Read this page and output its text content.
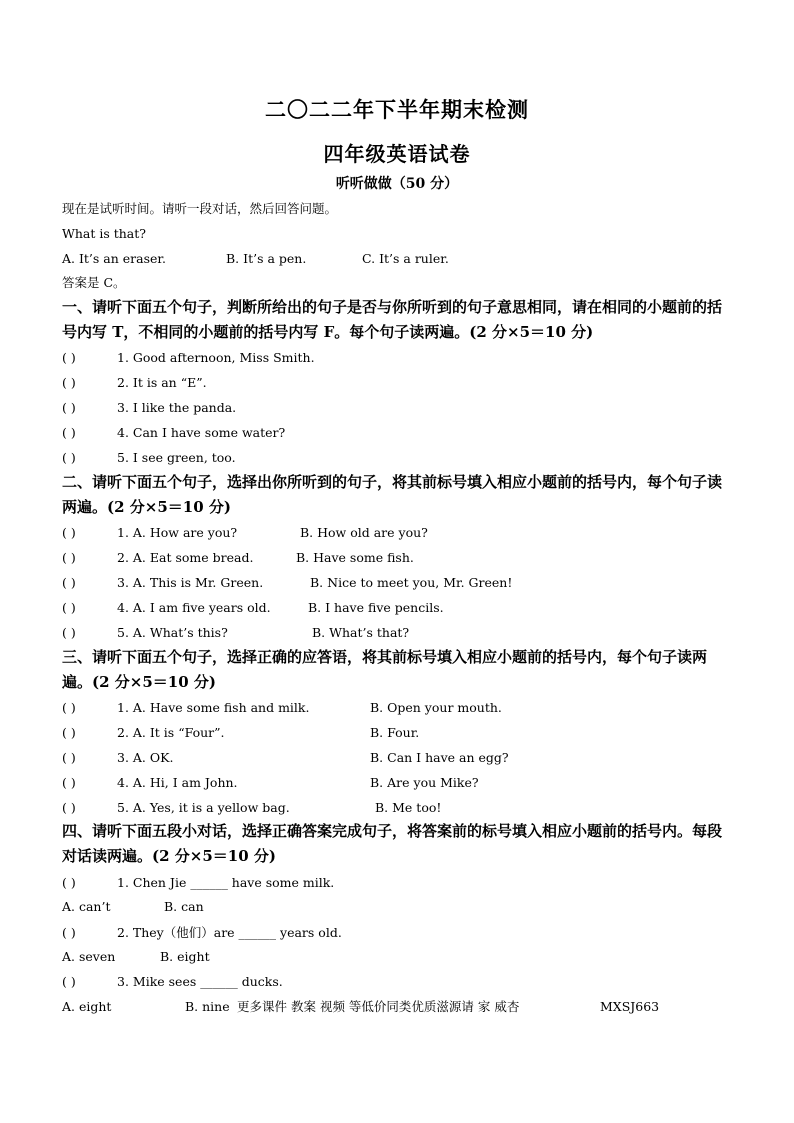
二〇二二年下半年期末检测
四年级英语试卷
听听做做（50 分）
现在是试听时间。请听一段对话，然后回答问题。
What is that?
A. It’s an eraser.	B. It’s a pen.	C. It’s a ruler.
答案是 C。
一、请听下面五个句子，判断所给出的句子是否与你所听到的句子意思相同，请在相同的小题前的括号内写 T，不相同的小题前的括号内写 F。每个句子读两遍。(2 分×5＝10 分)
( )	1. Good afternoon, Miss Smith.
( )	2. It is an “E”.
( )	3. I like the panda.
( )	4. Can I have some water?
( )	5. I see green, too.
二、请听下面五个句子，选择出你所听到的句子，将其前标号填入相应小题前的括号内，每个句子读两遍。(2 分×5＝10 分)
( )	1. A. How are you?	B. How old are you?
( )	2. A. Eat some bread.	B. Have some fish.
( )	3. A. This is Mr. Green.	B. Nice to meet you, Mr. Green!
( )	4. A. I am five years old.	B. I have five pencils.
( )	5. A. What’s this?	B. What’s that?
三、请听下面五个句子，选择正确的应答语，将其前标号填入相应小题前的括号内，每个句子读两遍。(2 分×5＝10 分)
( )	1. A. Have some fish and milk.	B. Open your mouth.
( )	2. A. It is “Four”.	B. Four.
( )	3. A. OK.	B. Can I have an egg?
( )	4. A. Hi, I am John.	B. Are you Mike?
( )	5. A. Yes, it is a yellow bag.	B. Me too!
四、请听下面五段小对话，选择正确答案完成句子，将答案前的标号填入相应小题前的括号内。每段对话读两遍。(2 分×5＝10 分)
( )	1. Chen Jie ______ have some milk.
A. can’t	B. can
( )	2. They（他们）are ______ years old.
A. seven	B. eight
( )	3. Mike sees ______ ducks.
A. eight	B. nine 更多课件 教案 视频 等低价同类优质滋源请 家 威杏	MXSJ663
